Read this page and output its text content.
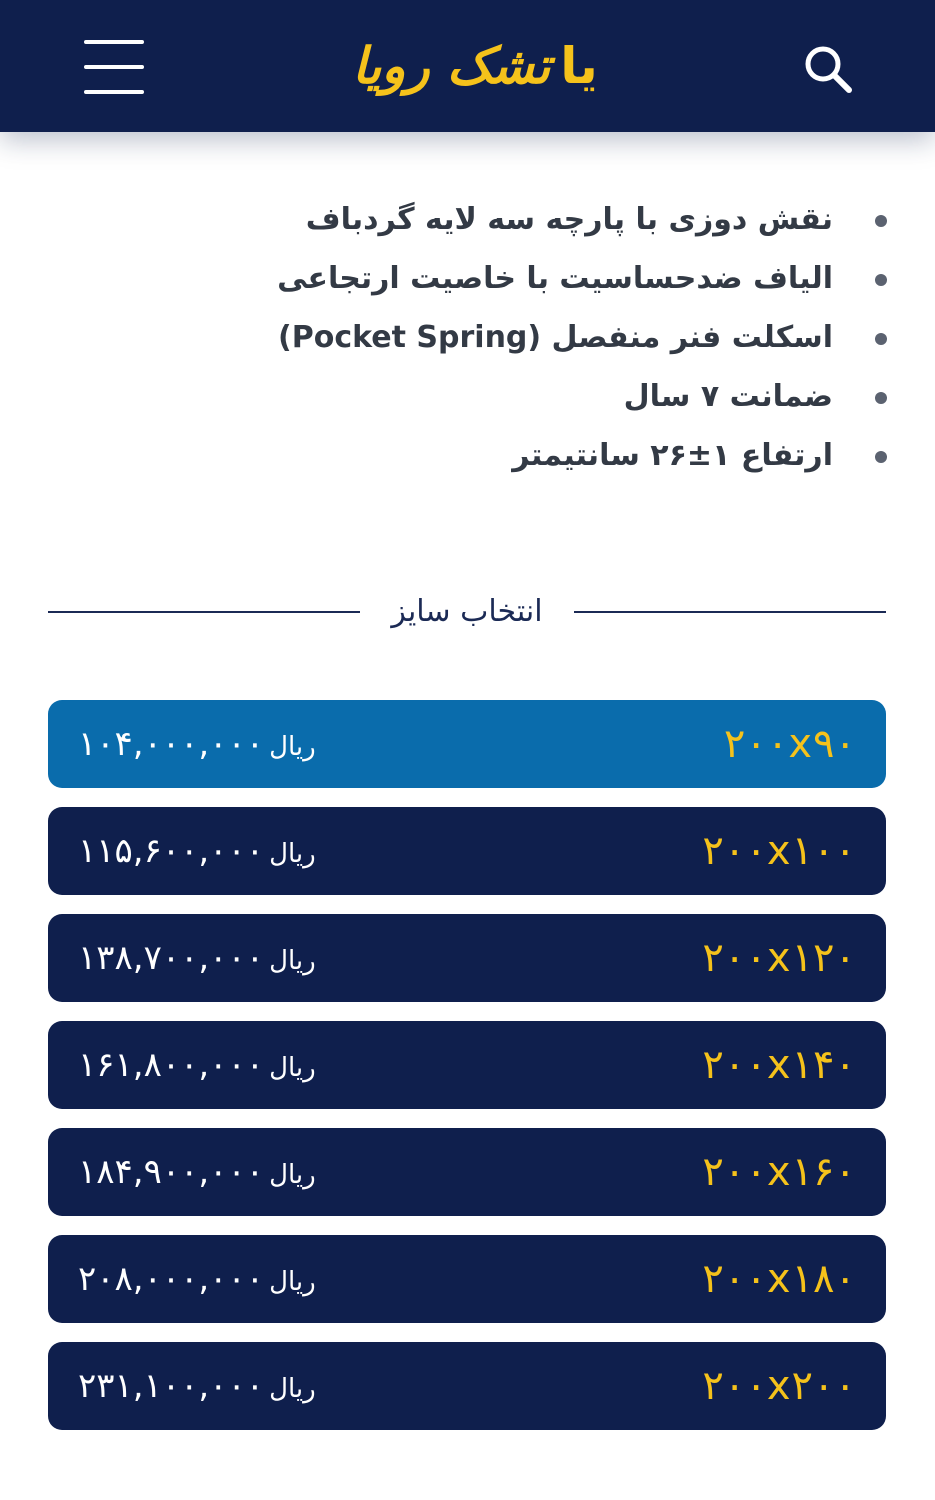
یا
تشک رویا
نقش دوزی با پارچه سه لایه گردباف
الیاف ضدحساسیت با خاصیت ارتجاعی
اسکلت فنر منفصل (Pocket Spring)
ضمانت ۷ سال
ارتفاع ۱±۲۶ سانتیمتر
انتخاب سایز
۲۰۰x۹۰
ریال ۱۰۴,۰۰۰,۰۰۰
۲۰۰x۱۰۰
ریال ۱۱۵,۶۰۰,۰۰۰
۲۰۰x۱۲۰
ریال ۱۳۸,۷۰۰,۰۰۰
۲۰۰x۱۴۰
ریال ۱۶۱,۸۰۰,۰۰۰
۲۰۰x۱۶۰
ریال ۱۸۴,۹۰۰,۰۰۰
۲۰۰x۱۸۰
ریال ۲۰۸,۰۰۰,۰۰۰
۲۰۰x۲۰۰
ریال ۲۳۱,۱۰۰,۰۰۰
